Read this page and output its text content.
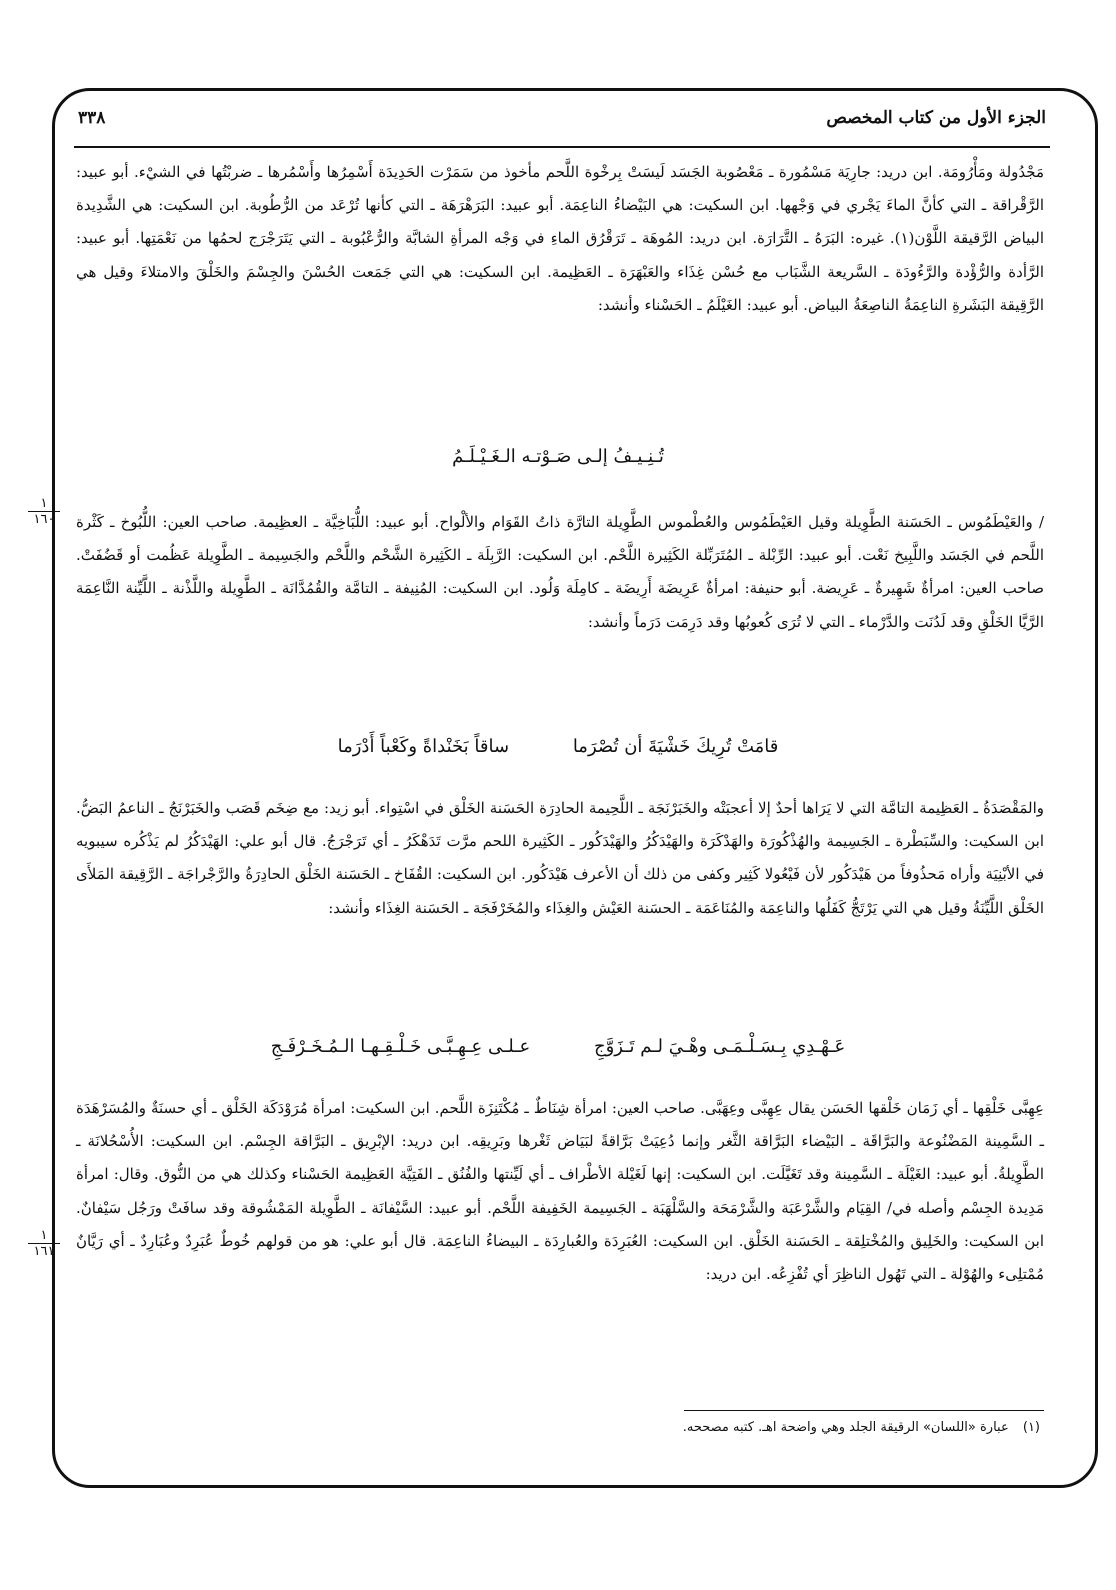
الجزء الأول من كتاب المخصص
٣٣٨
مَجْدُولة ومَأْرُومَة. ابن دريد: جارِيَة مَسْمُورة ـ مَعْصُوبة الجَسَد لَيسَتْ بِرخْوة اللَّحم مأخوذ من سَمَرْت الحَدِيدَة أَسْمِرُها وأَسْمُرها ـ ضربْتُها في الشيْء. أبو عبيد: الرَّقْراقة ـ التي كأنَّ الماءَ يَجْري في وَجْهها. ابن السكيت: هي البَيْضاءُ الناعِمَة. أبو عبيد: البَرَهْرَهَة ـ التي كأنها تُرْعَد من الرُّطُوبة. ابن السكيت: هي الشَّدِيدة البياض الرَّقيقة اللَّوْن(١). غيره: البَرَهُ ـ التَّرَارَة. ابن دريد: المُوهَة ـ تَرَقْرُق الماءِ في وَجْه المرأةِ الشابَّة والرُّعْبُوبة ـ التي يَتَرَجْرَج لحمُها من نَعْمَتِها. أبو عبيد: الرَّأدة والرُّؤْدة والرَّءُودَة ـ السَّريعة الشَّبَاب مع حُسْن غِذَاء والعَبْهَرَة ـ العَظِيمة. ابن السكيت: هي التي جَمَعت الحُسْنَ والجِسْمَ والخَلْقَ والامتلاءَ وقيل هي الرَّقِيقة البَشَرةِ الناعِمَةُ الناصِعَةُ البياض. أبو عبيد: الغَيْلَمُ ـ الحَسْناء وأنشد:
تُـنِـيـفُ إلـى صَـوْتـه الـغَـيْـلَـمُ
١
١٦٠	/ والعَيْطَمُوس ـ الحَسَنة الطَّوِيلة وقيل العَيْطَمُوس والعُطْموس الطَّوِيلة التارَّة ذاتُ القَوَام والألْواح. أبو عبيد: اللُّبَاخِيَّة ـ العظِيمة. صاحب العين: اللُّبُوخ ـ كَثْرة اللَّحم في الجَسَد واللَّبِيخ نَعْت. أبو عبيد: الرِّبْلة ـ المُتَرَبِّلة الكَثِيرة اللَّحْم. ابن السكيت: الرَّبِلَة ـ الكَثِيرة الشَّحْم واللَّحْم والجَسِيمة ـ الطَّوِيلة عَظُمت أو قَضُفَتْ. صاحب العين: امرأةٌ شَهِيرةٌ ـ عَرِيضة. أبو حنيفة: امرأةٌ عَرِيضَة أَرِيضَة ـ كامِلَة وَلُود. ابن السكيت: المُنِيفة ـ التامَّة والقُمُدَّانَة ـ الطَّوِيلة واللَّذْنة ـ اللَّيِّنة النَّاعِمَة الرَّيَّا الخَلْقِ وقد لَدُنَت والدَّرْماء ـ التي لا تُرَى كُعوبُها وقد دَرِمَت دَرَماً وأنشد:
قامَتْ تُرِيكَ خَشْيَةَ أن تُصْرَما ساقاً بَخَنْداةً وكَعْباً أَدْرَما
والمَقْصَدَةُ ـ العَظِيمة التامَّة التي لا يَرَاها أحدٌ إلا أعجبَتْه والخَبَرْنَجَة ـ اللَّحِيمة الحادِرَة الحَسَنة الخَلْق في اسْتِواء. أبو زيد: مع ضِخَم قَصَب والخَبَرْنَجُ ـ الناعمُ البَضُّ. ابن السكيت: والسِّبَطْرة ـ الجَسِيمة والهُذْكُورَة والهَدْكَرَة والهَيْدَكُرُ والهَيْدَكُور ـ الكَثِيرة اللحم مرَّت تَدَهْكَرُ ـ أي تَرَجْرَجُ. قال أبو علي: الهَيْدَكُرُ لم يَذْكُره سيبويه في الأبْنِيَة وأراه مَحذُوفاً من هَيْدَكُور لأن فَيْعُولا كَثِير وكفى من ذلك أن الأعرف هَيْدَكُور. ابن السكيت: القُفَاخ ـ الحَسَنة الخَلْق الحادِرَةُ والرَّجْراجَة ـ الرَّقِيقة المَلأَى الخَلْق اللَّيِّنَةُ وقيل هي التي يَرْتَجُّ كَفَلُها والناعِمَة والمُنَاعَمَة ـ الحسَنة العَيْش والغِذَاء والمُخَرْفَجَة ـ الحَسَنة الغِذَاء وأنشد:
عَـهْـدِي بِـسَـلْـمَـى وهْـيَ لـم تَـزَوَّجِ عـلـى عِـهِـبَّـى خَـلْـقِـهـا الـمُـخَـرْفَـجِ
عِهِبَّى خَلْقِها ـ أي زَمَان خَلْقها الحَسَن يقال عِهِبَّى وعِهَبَّى. صاحب العين: امرأة شِنَاطٌ ـ مُكْتَنِزَة اللَّحم. ابن السكيت: امرأة مُرَوْدَكَة الخَلْق ـ أي حسنَةٌ والمُسَرْهَدَة ـ السَّمِينة المَضْنُوعة والبَرَّاقَة ـ البَيْضاء البَرَّاقة الثَّغر وإنما دُعِيَتْ بَرَّاقةً لبَيَاض ثَغْرها وبَرِيقِه. ابن دريد: الإبْرِيق ـ البَرَّاقة الجِسْم. ابن السكيت: الأُسْحُلانَة ـ الطَّوِيلةُ. أبو عبيد: الغَيْلَة ـ السَّمِينة وقد تَغَيَّلَت. ابن السكيت: إنها لَغَيْلة الأطْراف ـ أي لَيِّنتها والفُنُق ـ الفَتِيَّة العَظِيمة الحَسْناء وكذلك هي من النُّوق. وقال: امرأة مَدِيدة الجِسْم وأصله في/ القِيَام والشَّرْعَبَة والشَّرْمَحَة والسَّلْهَبَة ـ الجَسِيمة الخَفِيفة اللَّحْم. أبو عبيد: السَّيْفانَة ـ الطَّوِيلة المَمْشُوقة وقد سافَتْ ورَجُل سَيْفانٌ. ابن السكيت: والخَلِيق والمُخْتلِقة ـ الحَسَنة الخَلْق. ابن السكيت: العُبَرِدَة والعُبارِدَة ـ البيضاءُ الناعِمَة. قال أبو علي: هو من قولهم خُوطٌ عُبَرِدٌ وعُبَارِدٌ ـ أي رَيَّانٌ مُمْتلِىء والهُوْلة ـ التي تَهُول الناظِرَ أي تُفْزِعُه. ابن دريد:
١
١٦١
(١) عبارة «اللسان» الرقيقة الجلد وهي واضحة اهـ. كتبه مصححه.
